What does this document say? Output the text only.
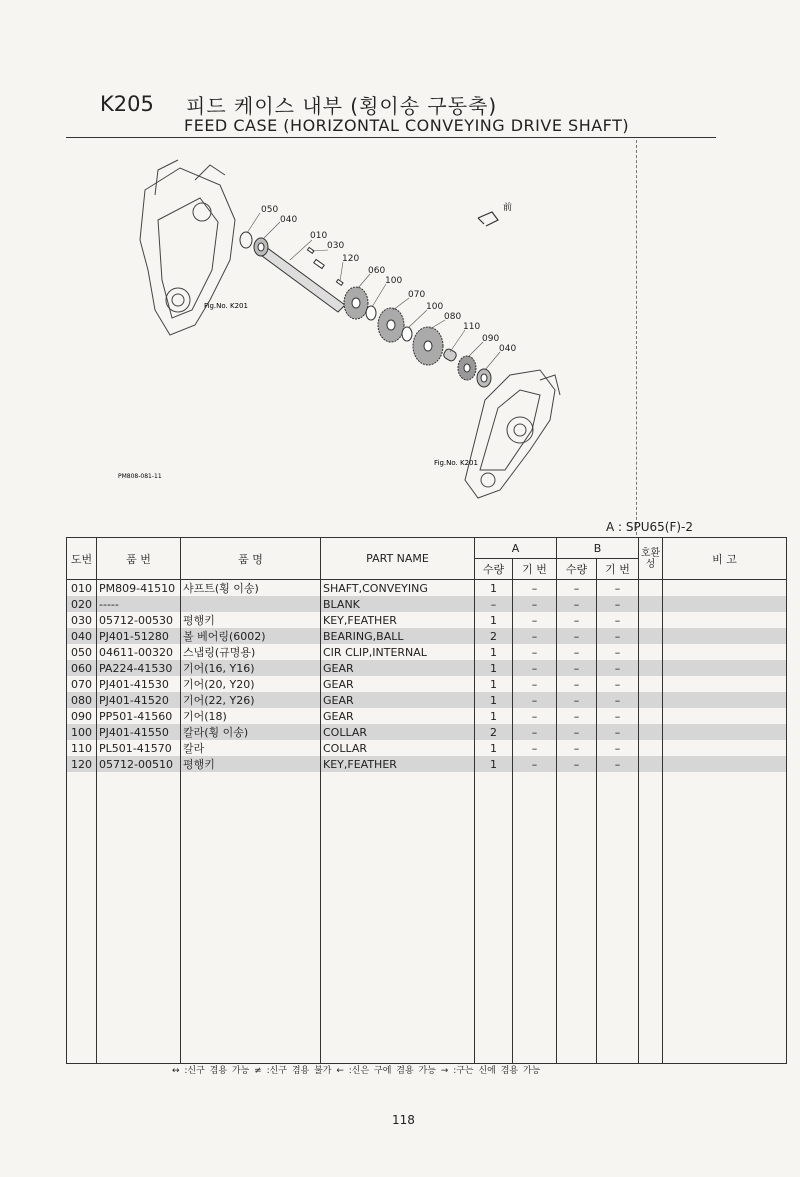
K205 피드 케이스 내부 (횡이송 구동축)
FEED CASE (HORIZONTAL CONVEYING DRIVE SHAFT)
前
050
040
010
030
120
060
100
070
100
080
110
090
040
Fig.No. K201
Fig.No. K201
PM808-081-11
A : SPU65(F)-2
도번	품 번	품 명	PART NAME	A		B		호환성	비 고
				수량	기 번	수량	기 번		
010	PM809-41510	샤프트(횡 이송)	SHAFT,CONVEYING	1	–	–	–		
020	-----		BLANK	–	–	–	–		
030	05712-00530	평행키	KEY,FEATHER	1	–	–	–		
040	PJ401-51280	볼 베어링(6002)	BEARING,BALL	2	–	–	–		
050	04611-00320	스냅링(규명용)	CIR CLIP,INTERNAL	1	–	–	–		
060	PA224-41530	기어(16, Y16)	GEAR	1	–	–	–		
070	PJ401-41530	기어(20, Y20)	GEAR	1	–	–	–		
080	PJ401-41520	기어(22, Y26)	GEAR	1	–	–	–		
090	PP501-41560	기어(18)	GEAR	1	–	–	–		
100	PJ401-41550	칼라(횡 이송)	COLLAR	2	–	–	–		
110	PL501-41570	칼라	COLLAR	1	–	–	–		
120	05712-00510	평행키	KEY,FEATHER	1	–	–	–		

↔ :신구 겸용 가능 ≠ :신구 겸용 불가 ← :신은 구에 겸용 가능 → :구는 신에 겸용 가능
118
